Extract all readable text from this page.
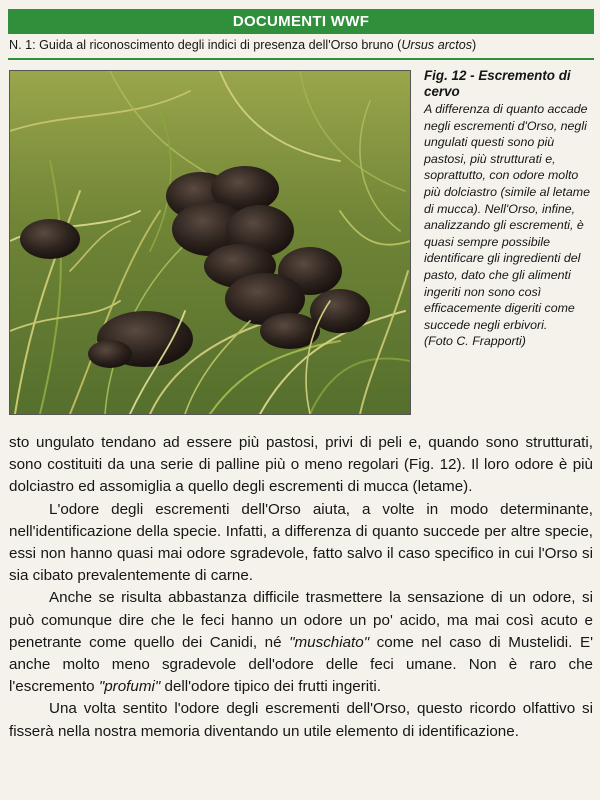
DOCUMENTI WWF
N. 1: Guida al riconoscimento degli indici di presenza dell'Orso bruno (Ursus arctos)
Fig. 12 - Escremento di cervo
A differenza di quanto accade negli escrementi d'Orso, negli ungulati questi sono più pastosi, più strutturati e, soprattutto, con odore molto più dolciastro (simile al letame di mucca). Nell'Orso, infine, analizzando gli escrementi, è quasi sempre possibile identificare gli ingredienti del pasto, dato che gli alimenti ingeriti non sono così efficacemente digeriti come succede negli erbivori.
(Foto C. Frapporti)

sto ungulato tendano ad essere più pastosi, privi di peli e, quando sono strutturati, sono costituiti da una serie di palline più o meno regolari (Fig. 12). Il loro odore è più dolciastro ed assomiglia a quello degli escrementi di mucca (letame).

L'odore degli escrementi dell'Orso aiuta, a volte in modo determinante, nell'identificazione della specie. Infatti, a differenza di quanto succede per altre specie, essi non hanno quasi mai odore sgradevole, fatto salvo il caso specifico in cui l'Orso si sia cibato prevalentemente di carne.

Anche se risulta abbastanza difficile trasmettere la sensazione di un odore, si può comunque dire che le feci hanno un odore un po' acido, ma mai così acuto e penetrante come quello dei Canidi, né "muschiato" come nel caso di Mustelidi. E' anche molto meno sgradevole dell'odore delle feci umane. Non è raro che l'escremento "profumi" dell'odore tipico dei frutti ingeriti.

Una volta sentito l'odore degli escrementi dell'Orso, questo ricordo olfattivo si fisserà nella nostra memoria diventando un utile elemento di identificazione.
